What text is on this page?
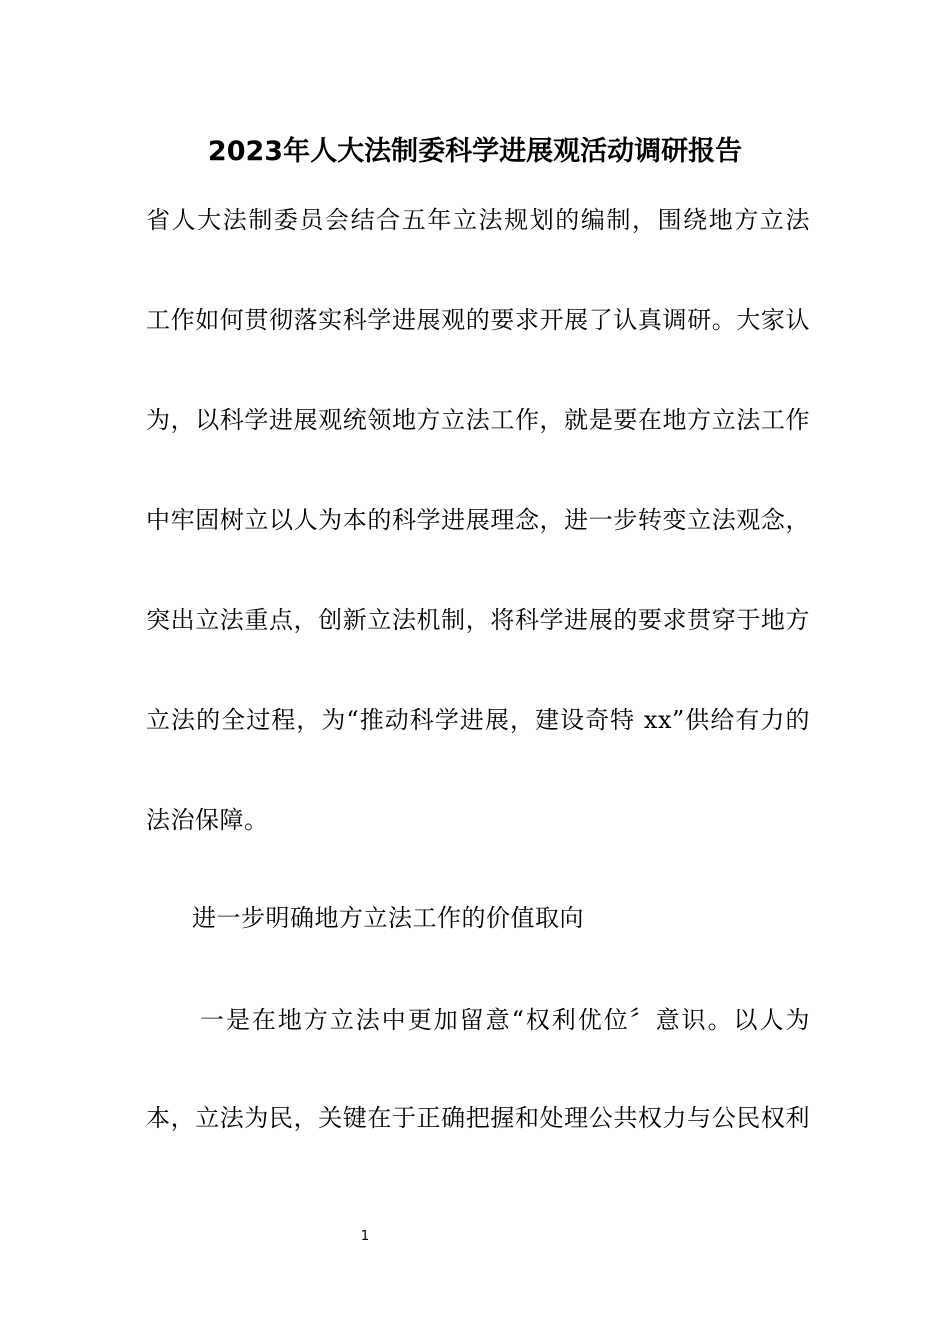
2023年人大法制委科学进展观活动调研报告
省人大法制委员会结合五年立法规划的编制，围绕地方立法
工作如何贯彻落实科学进展观的要求开展了认真调研。大家认
为，以科学进展观统领地方立法工作，就是要在地方立法工作
中牢固树立以人为本的科学进展理念，进一步转变立法观念，
突出立法重点，创新立法机制，将科学进展的要求贯穿于地方
立法的全过程，为“推动科学进展，建设奇特 xx”供给有力的
法治保障。
进一步明确地方立法工作的价值取向
一是在地方立法中更加留意“权利优位〞意识。以人为
本，立法为民，关键在于正确把握和处理公共权力与公民权利
1
